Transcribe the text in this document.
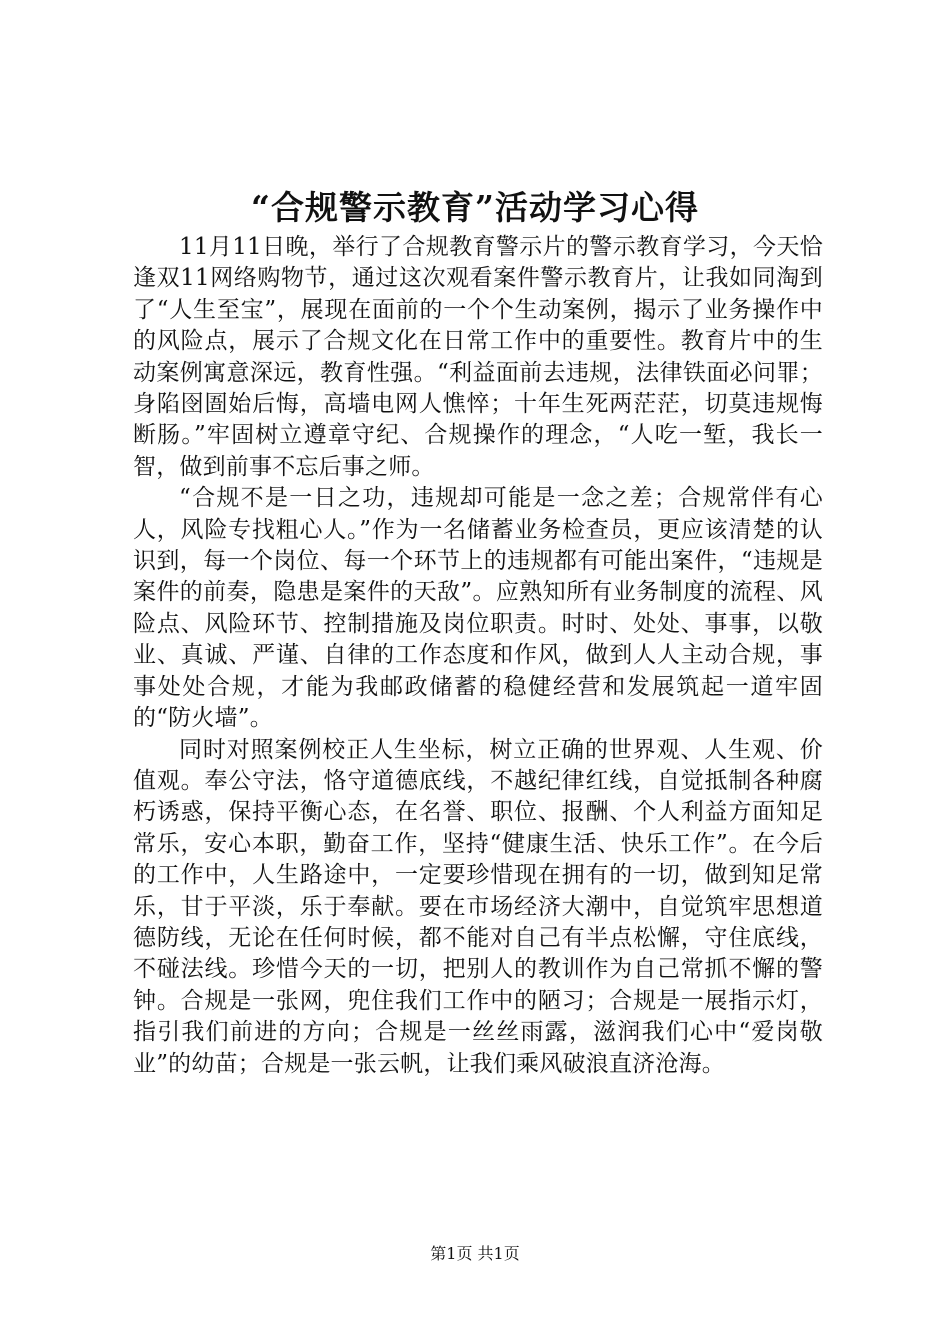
“合规警示教育”活动学习心得

11月11日晚，举行了合规教育警示片的警示教育学习，今天恰逢双11网络购物节，通过这次观看案件警示教育片，让我如同淘到了“人生至宝”，展现在面前的一个个生动案例，揭示了业务操作中的风险点，展示了合规文化在日常工作中的重要性。教育片中的生动案例寓意深远，教育性强。“利益面前去违规，法律铁面必问罪；身陷囹圄始后悔，高墙电网人憔悴；十年生死两茫茫，切莫违规悔断肠。”牢固树立遵章守纪、合规操作的理念，“人吃一堑，我长一智，做到前事不忘后事之师。

“合规不是一日之功，违规却可能是一念之差；合规常伴有心人，风险专找粗心人。”作为一名储蓄业务检查员，更应该清楚的认识到，每一个岗位、每一个环节上的违规都有可能出案件，“违规是案件的前奏，隐患是案件的天敌”。应熟知所有业务制度的流程、风险点、风险环节、控制措施及岗位职责。时时、处处、事事，以敬业、真诚、严谨、自律的工作态度和作风，做到人人主动合规，事事处处合规，才能为我邮政储蓄的稳健经营和发展筑起一道牢固的“防火墙”。

同时对照案例校正人生坐标，树立正确的世界观、人生观、价值观。奉公守法，恪守道德底线，不越纪律红线，自觉抵制各种腐朽诱惑，保持平衡心态，在名誉、职位、报酬、个人利益方面知足常乐，安心本职，勤奋工作，坚持“健康生活、快乐工作”。在今后的工作中，人生路途中，一定要珍惜现在拥有的一切，做到知足常乐，甘于平淡，乐于奉献。要在市场经济大潮中，自觉筑牢思想道德防线，无论在任何时候，都不能对自己有半点松懈，守住底线，不碰法线。珍惜今天的一切，把别人的教训作为自己常抓不懈的警钟。合规是一张网，兜住我们工作中的陋习；合规是一展指示灯，指引我们前进的方向；合规是一丝丝雨露，滋润我们心中“爱岗敬业”的幼苗；合规是一张云帆，让我们乘风破浪直济沧海。

第1页 共1页
